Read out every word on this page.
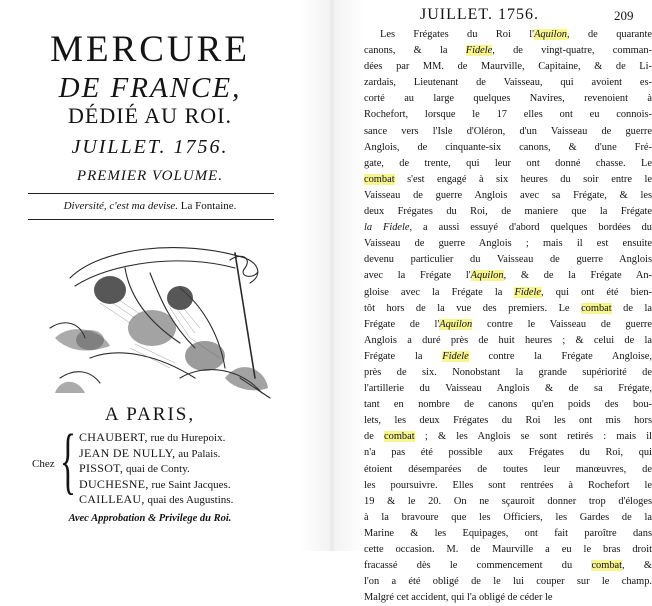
MERCURE
DE FRANCE,
DÉDIÉ AU ROI.
JUILLET. 1756.
PREMIER VOLUME.
Diversité, c'est ma devise. La Fontaine.
A PARIS,
Chez { CHAUBERT, rue du Hurepoix.
JEAN DE NULLY, au Palais.
PISSOT, quai de Conty.
DUCHESNE, rue Saint Jacques.
CAILLEAU, quai des Augustins.
Avec Approbation & Privilege du Roi.
JUILLET. 1756.	209
Les Frégates du Roi l'Aquilon, de quarante
canons, & la Fidele, de vingt-quatre, comman-
dées par MM. de Maurville, Capitaine, & de Li-
zardais, Lieutenant de Vaisseau, qui avoient es-
corté au large quelques Navires, revenoient à
Rochefort, lorsque le 17 elles ont eu connois-
sance vers l'Isle d'Oléron, d'un Vaisseau de guerre
Anglois, de cinquante-six canons, & d'une Fré-
gate, de trente, qui leur ont donné chasse. Le
combat s'est engagé à six heures du soir entre le
Vaisseau de guerre Anglois avec sa Frégate, & les
deux Frégates du Roi, de maniere que la Frégate
la Fidele, a aussi essuyé d'abord quelques bordées du
Vaisseau de guerre Anglois ; mais il est ensuite
devenu particulier du Vaisseau de guerre Anglois
avec la Frégate l'Aquilon, & de la Frégate An-
gloise avec la Frégate la Fidele, qui ont été bien-
tôt hors de la vue des premiers. Le combat de la
Frégate de l'Aquilon contre le Vaisseau de guerre
Anglois a duré près de huit heures ; & celui de la
Frégate la Fidele contre la Frégate Angloise,
près de six. Nonobstant la grande supériorité de
l'artillerie du Vaisseau Anglois & de sa Frégate,
tant en nombre de canons qu'en poids des bou-
lets, les deux Frégates du Roi les ont mis hors
de combat ; & les Anglois se sont retirés : mais il
n'a pas été possible aux Frégates du Roi, qui
étoient désemparées de toutes leur manœuvres, de
les poursuivre. Elles sont rentrées à Rochefort le
19 & le 20. On ne sçauroit donner trop d'éloges
à la bravoure que les Officiers, les Gardes de la
Marine & les Equipages, ont fait paroître dans
cette occasion. M. de Maurville a eu le bras droit
fracassé dès le commencement du combat, &
l'on a été obligé de le lui couper sur le champ.
Malgré cet accident, qui l'a obligé de céder le
